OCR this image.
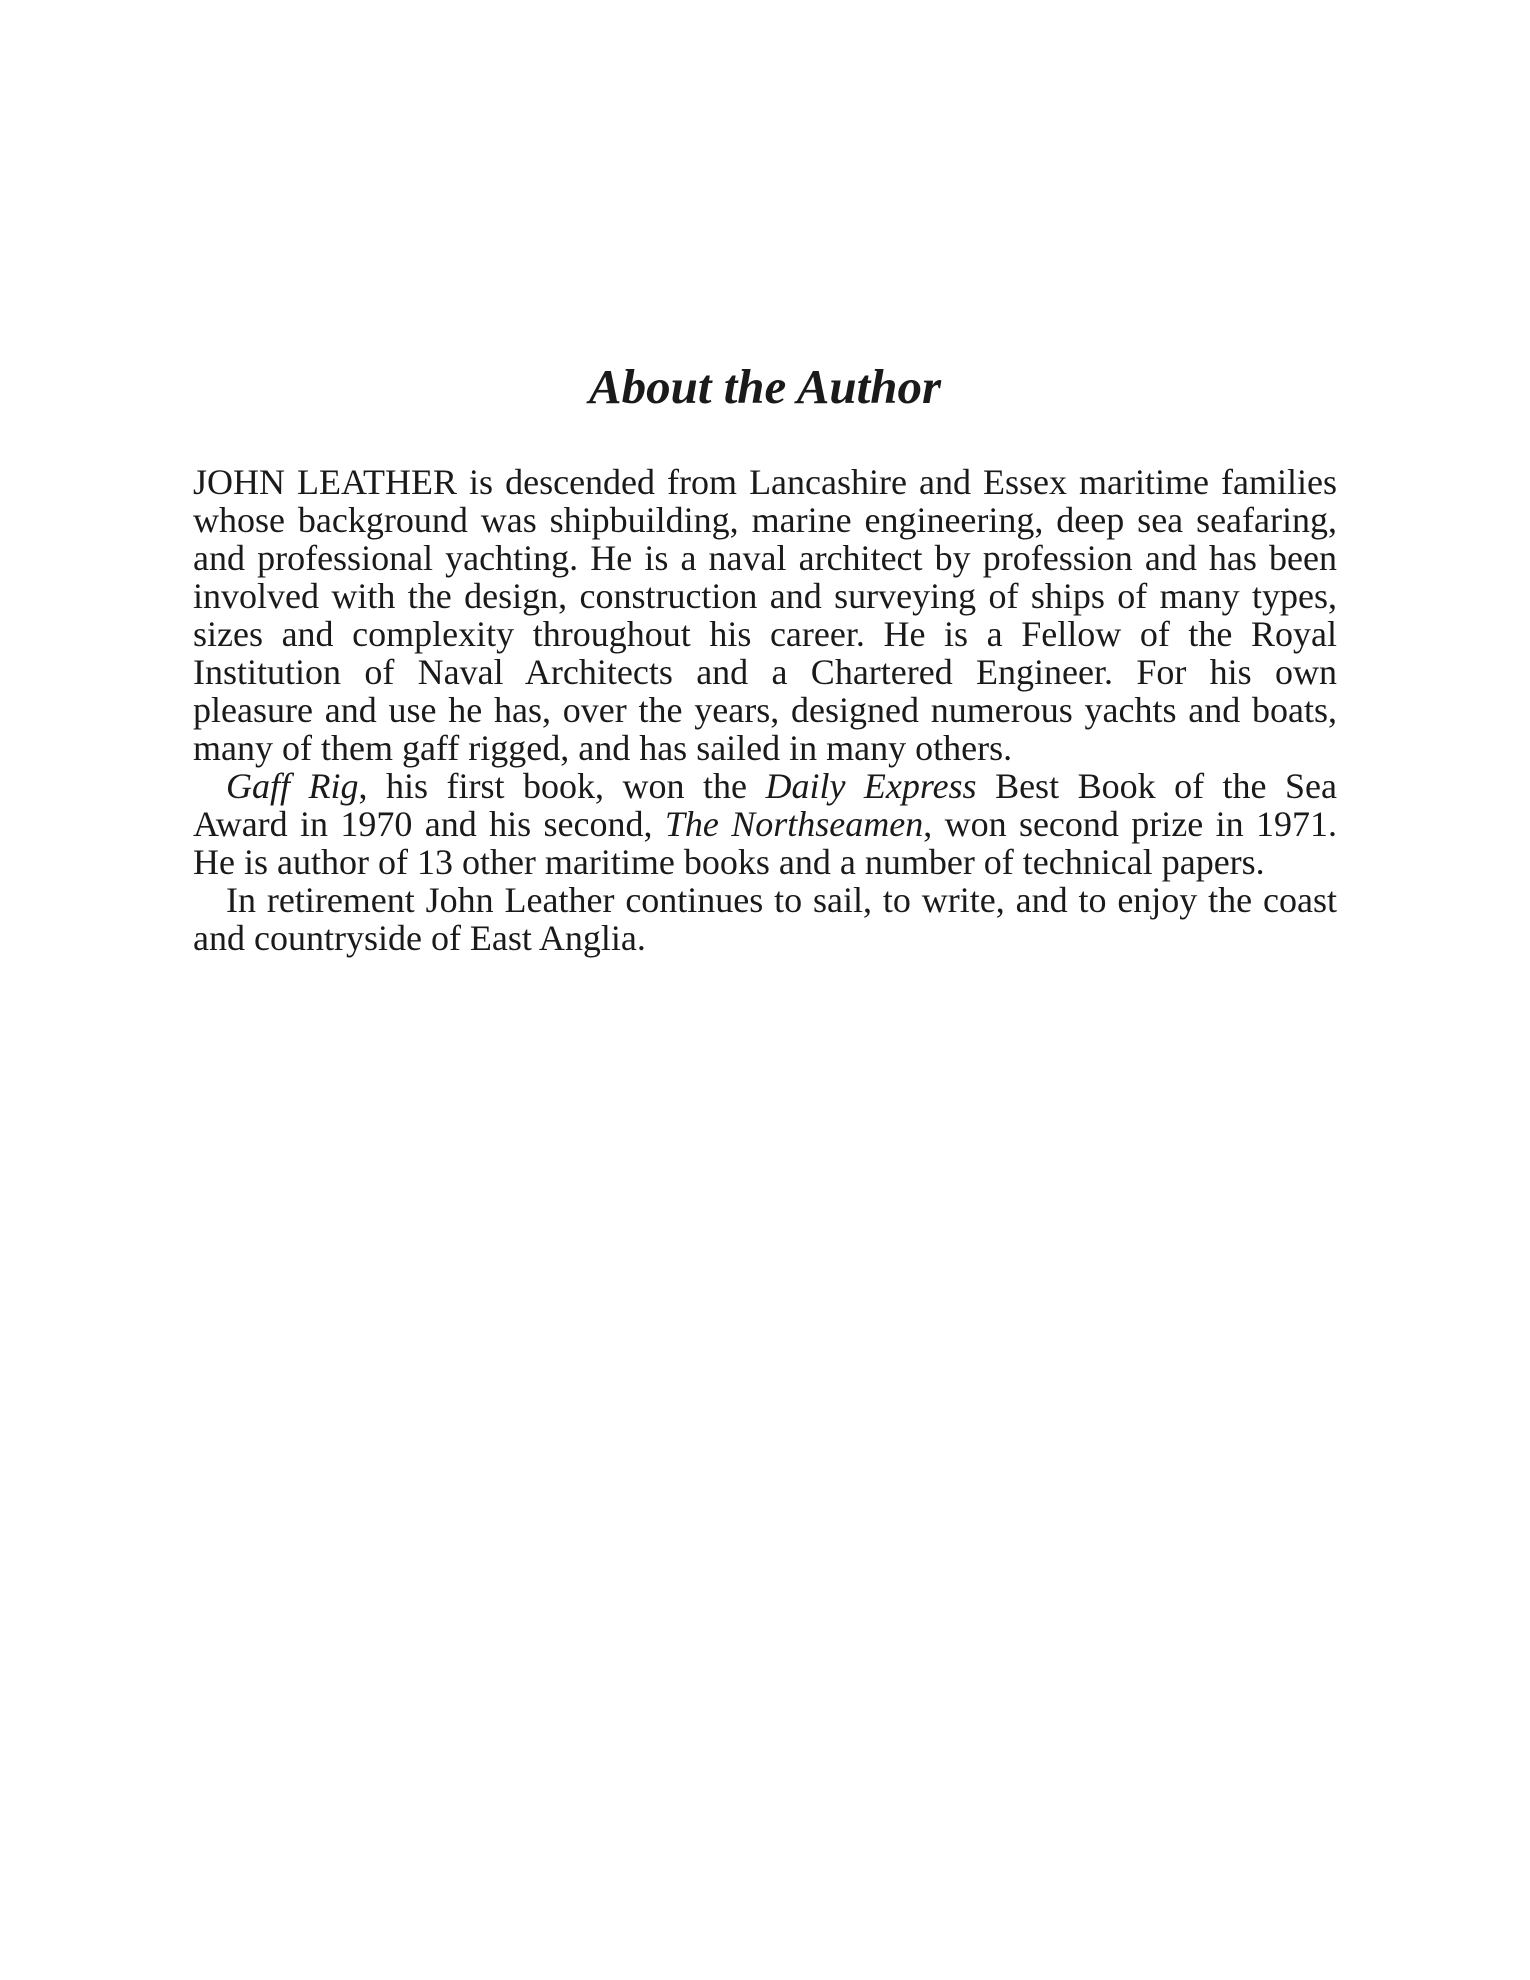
About the Author
JOHN LEATHER is descended from Lancashire and Essex maritime families
whose background was shipbuilding, marine engineering, deep sea seafaring,
and professional yachting. He is a naval architect by profession and has been
involved with the design, construction and surveying of ships of many types,
sizes and complexity throughout his career. He is a Fellow of the Royal
Institution of Naval Architects and a Chartered Engineer. For his own
pleasure and use he has, over the years, designed numerous yachts and boats,
many of them gaff rigged, and has sailed in many others.
Gaff Rig, his first book, won the Daily Express Best Book of the Sea
Award in 1970 and his second, The Northseamen, won second prize in 1971.
He is author of 13 other maritime books and a number of technical papers.
In retirement John Leather continues to sail, to write, and to enjoy the coast
and countryside of East Anglia.
